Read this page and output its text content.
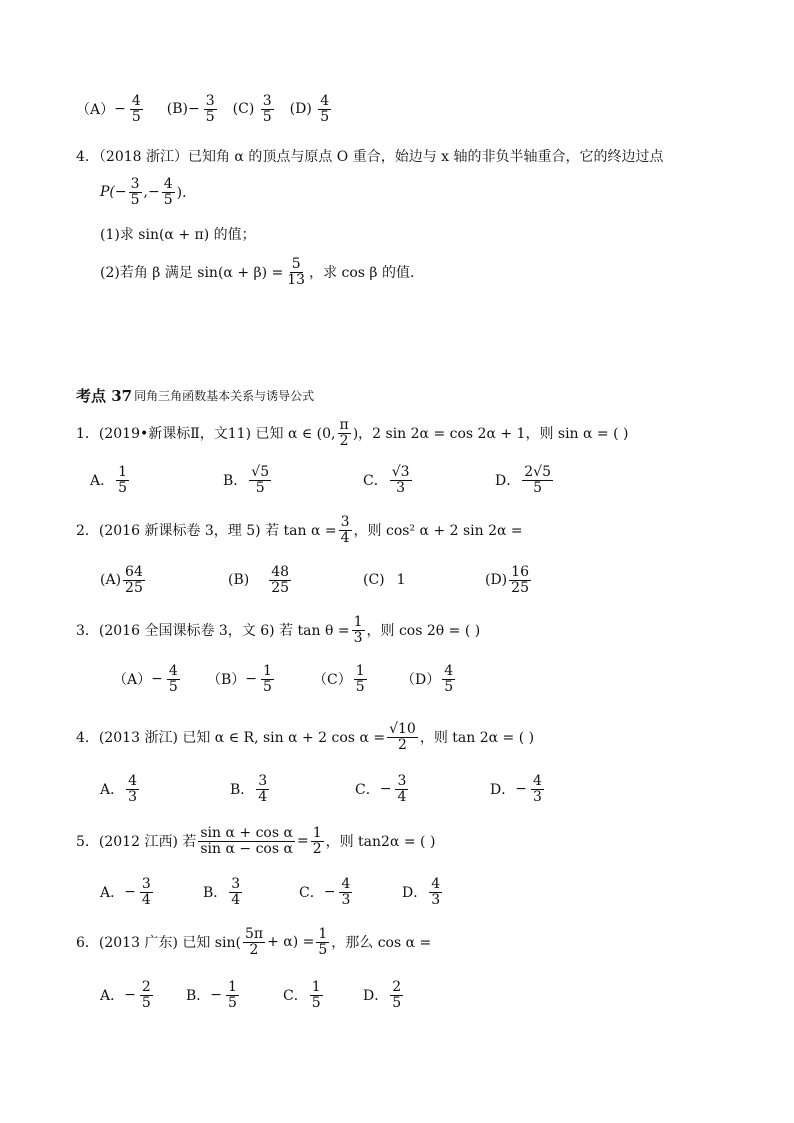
$(A) - \frac{4}{5} (B) - \frac{3}{5} (C)$
$\frac{3}{5} (D)$
$\frac{4}{5}$
4．（2018 浙江）已知角 α 的顶点与原点 O 重合，始边与 x 轴的非负半轴重合，它的终边过点
$P(- \frac{3}{5}$ ,− $\frac{4}{5}$ )．
(1)求 sin(α + π) 的值；
(2)若角 β 满足 $\sin(\alpha + \beta) = \frac{5}{13}$ ，求 cos β 的值．
考点 37 同角三角函数基本关系与诱导公式
1．(2019•新课标Ⅱ，文11) 已知 α ∈ (0, $\frac{\pi}{2}$ )，2 sin 2α = cos 2α + 1，则 sin α = ( )
A． $\frac{1}{5}$	B． $\frac{√5}{5}$	C． $\frac{√3}{3}$	D． $\frac{2√5}{5}$
2．(2016 新课标卷 3，理 5) 若 $\tan \alpha = \frac{3}{4}$ ，则 cos² α + 2 sin 2α =
$(A) \frac{64}{25}$	$(B) \frac{48}{25}$	(C) 1	$(D) \frac{16}{25}$
3．(2016 全国课标卷 3，文 6) 若 $\tan \theta = \frac{1}{3}$ ，则 cos 2θ = ( )
$(A) - \frac{4}{5} (B) - \frac{1}{5}$	$(C) \frac{1}{5} (D) \frac{4}{5}$
4．(2013 浙江) 已知 α ∈ R, sin α + 2 $\cos \alpha = \frac{√10}{2}$ ，则 tan 2α = ( )
A． $\frac{4}{3}$	B． $\frac{3}{4}$	C． − $\frac{3}{4}$	D． − $\frac{4}{3}$
5．(2012 江西) 若 $\frac{\text{sin α + cos α}}{\text{sin α − cos α}} = \frac{1}{2}$ ，则 tan2α = ( )
A． − $\frac{3}{4}$	B． $\frac{3}{4}$	C． − $\frac{4}{3}$	D． $\frac{4}{3}$
6．(2013 广东) 已知 $\sin( \frac{5\pi}{2} + \alpha) = \frac{1}{5}$ ，那么 cos α =
A． − $\frac{2}{5}$ B． − $\frac{1}{5}$	C． $\frac{1}{5}$	D． $\frac{2}{5}$
